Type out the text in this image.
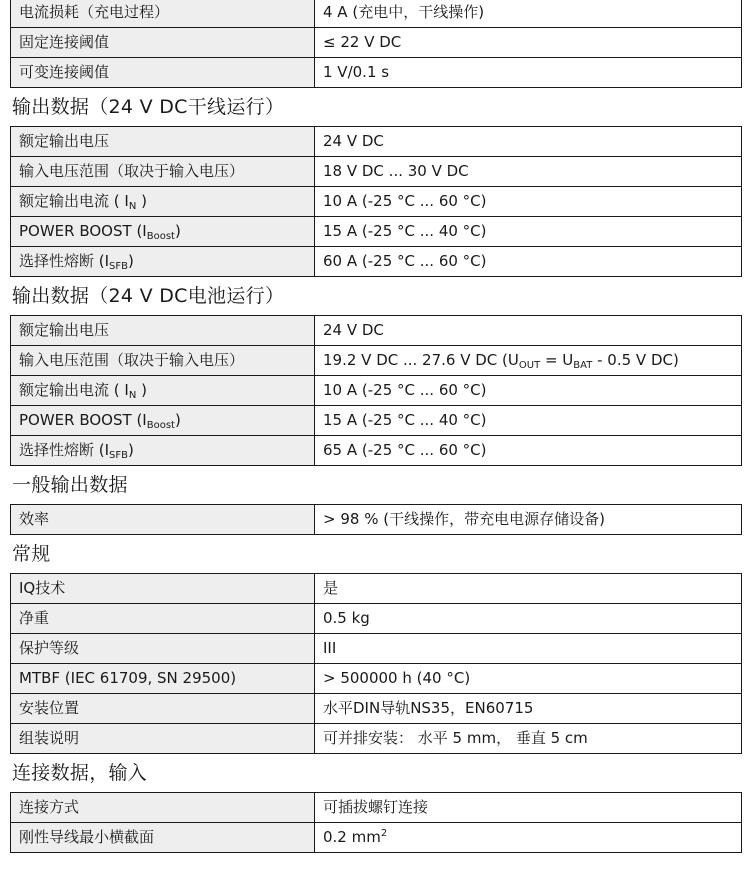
电流损耗（充电过程）	4 A (充电中，干线操作)
固定连接阈值	≤ 22 V DC
可变连接阈值	1 V/0.1 s
输出数据（24 V DC干线运行）
额定输出电压	24 V DC
输入电压范围（取决于输入电压）	18 V DC ... 30 V DC
额定输出电流 ( $I_N$ )	10 A (-25 °C ... 60 °C)
POWER BOOST $(I_{Boost})$	15 A (-25 °C ... 40 °C)
选择性熔断 $(I_{SFB})$	60 A (-25 °C ... 60 °C)
输出数据（24 V DC电池运行）
额定输出电压	24 V DC
输入电压范围（取决于输入电压）	19.2 V DC ... 27.6 V DC ($U_{OUT} = U_{BAT} - 0.5$ V DC)
额定输出电流 ( $I_N$ )	10 A (-25 °C ... 60 °C)
POWER BOOST $(I_{Boost})$	15 A (-25 °C ... 40 °C)
选择性熔断 $(I_{SFB})$	65 A (-25 °C ... 60 °C)
一般输出数据
效率	> 98 % (干线操作，带充电电源存储设备)
常规
IQ技术	是
净重	0.5 kg
保护等级	III
MTBF (IEC 61709, SN 29500)	> 500000 h (40 °C)
安装位置	水平DIN导轨NS35，EN60715
组装说明	可并排安装： 水平 5 mm， 垂直 5 cm
连接数据，输入
连接方式	可插拔螺钉连接
刚性导线最小横截面	0.2 $mm^2$
